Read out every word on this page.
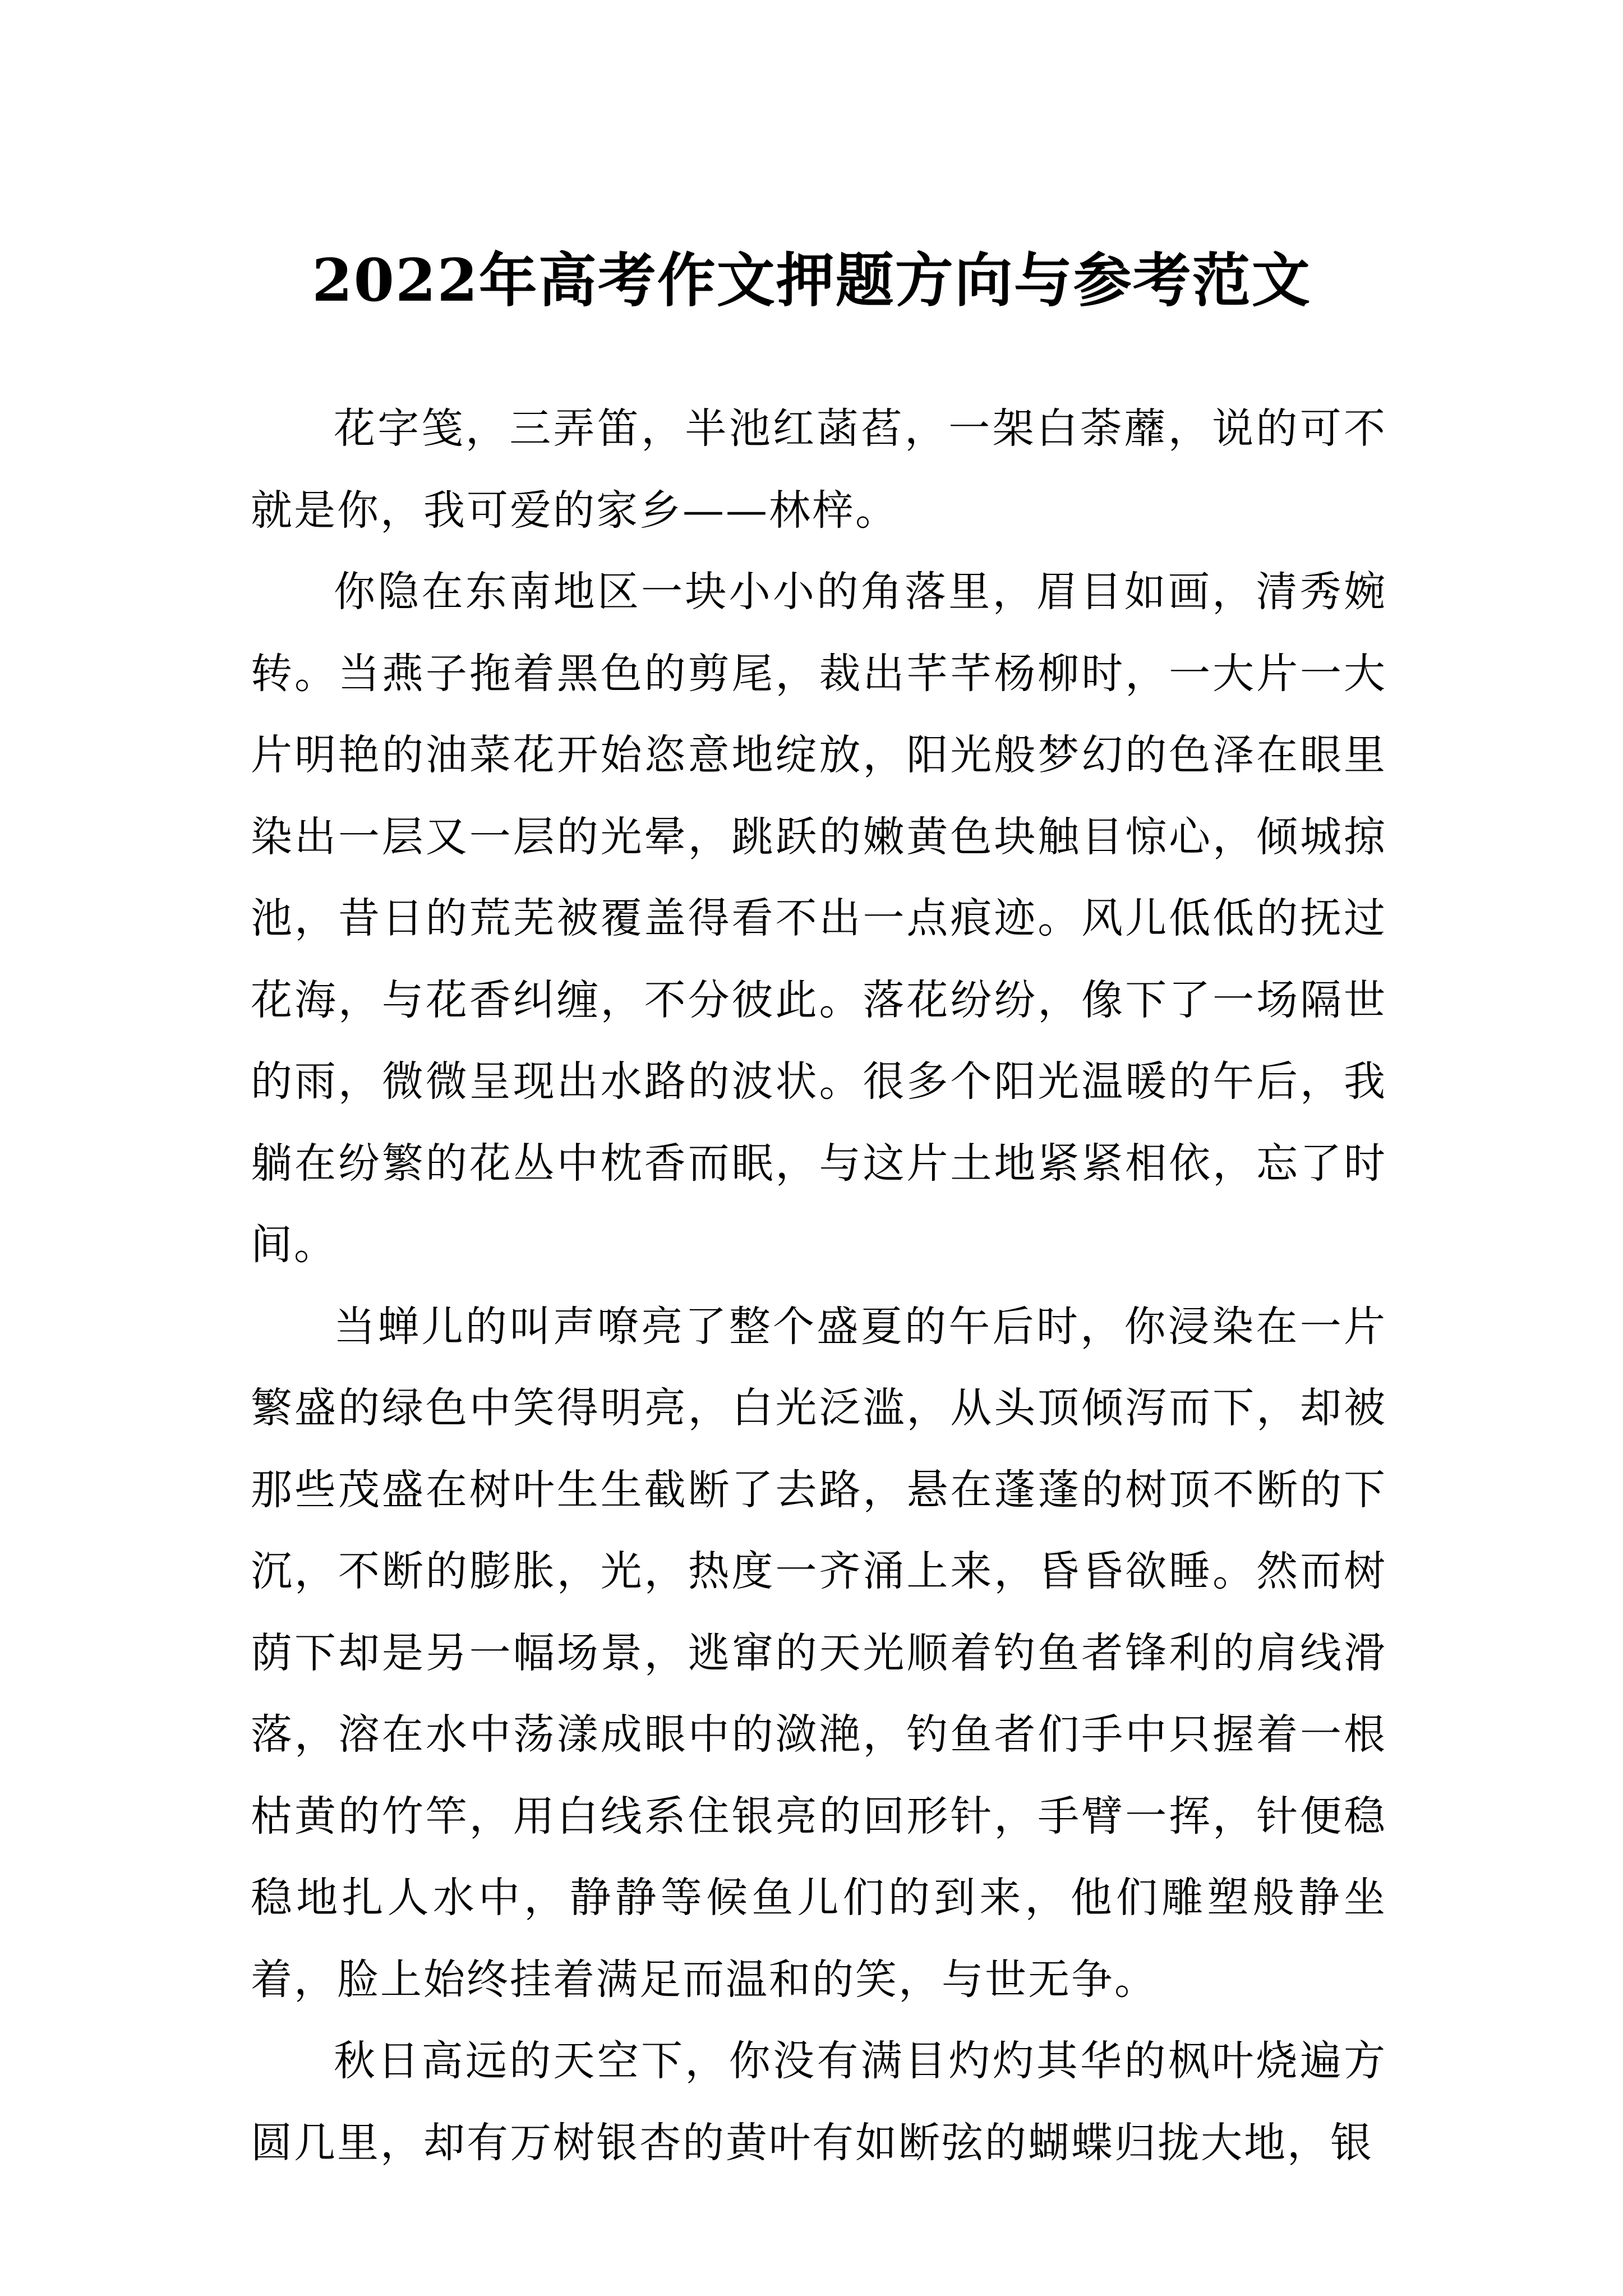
2022年高考作文押题方向与参考范文

花字笺，三弄笛，半池红菡萏，一架白荼蘼，说的可不就是你，我可爱的家乡——林梓。

你隐在东南地区一块小小的角落里，眉目如画，清秀婉转。当燕子拖着黑色的剪尾，裁出芊芊杨柳时，一大片一大片明艳的油菜花开始恣意地绽放，阳光般梦幻的色泽在眼里染出一层又一层的光晕，跳跃的嫩黄色块触目惊心，倾城掠池，昔日的荒芜被覆盖得看不出一点痕迹。风儿低低的抚过花海，与花香纠缠，不分彼此。落花纷纷，像下了一场隔世的雨，微微呈现出水路的波状。很多个阳光温暖的午后，我躺在纷繁的花丛中枕香而眠，与这片土地紧紧相依，忘了时间。

当蝉儿的叫声嘹亮了整个盛夏的午后时，你浸染在一片繁盛的绿色中笑得明亮，白光泛滥，从头顶倾泻而下，却被那些茂盛在树叶生生截断了去路，悬在蓬蓬的树顶不断的下沉，不断的膨胀，光，热度一齐涌上来，昏昏欲睡。然而树荫下却是另一幅场景，逃窜的天光顺着钓鱼者锋利的肩线滑落，溶在水中荡漾成眼中的潋滟，钓鱼者们手中只握着一根枯黄的竹竿，用白线系住银亮的回形针，手臂一挥，针便稳稳地扎人水中，静静等候鱼儿们的到来，他们雕塑般静坐着，脸上始终挂着满足而温和的笑，与世无争。

秋日高远的天空下，你没有满目灼灼其华的枫叶烧遍方圆几里，却有万树银杏的黄叶有如断弦的蝴蝶归拢大地，银
